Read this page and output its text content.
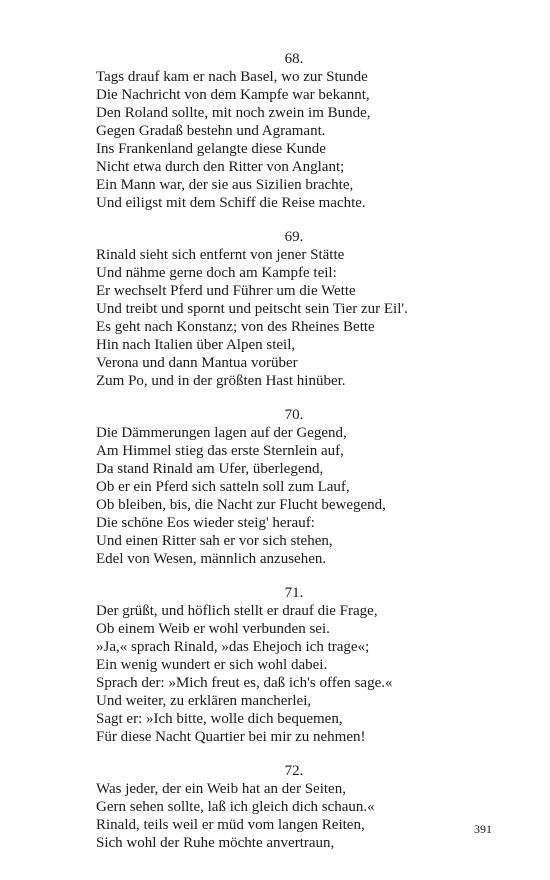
68.
Tags drauf kam er nach Basel, wo zur Stunde
Die Nachricht von dem Kampfe war bekannt,
Den Roland sollte, mit noch zwein im Bunde,
Gegen Gradaß bestehn und Agramant.
Ins Frankenland gelangte diese Kunde
Nicht etwa durch den Ritter von Anglant;
Ein Mann war, der sie aus Sizilien brachte,
Und eiligst mit dem Schiff die Reise machte.
69.
Rinald sieht sich entfernt von jener Stätte
Und nähme gerne doch am Kampfe teil:
Er wechselt Pferd und Führer um die Wette
Und treibt und spornt und peitscht sein Tier zur Eil'.
Es geht nach Konstanz; von des Rheines Bette
Hin nach Italien über Alpen steil,
Verona und dann Mantua vorüber
Zum Po, und in der größten Hast hinüber.
70.
Die Dämmerungen lagen auf der Gegend,
Am Himmel stieg das erste Sternlein auf,
Da stand Rinald am Ufer, überlegend,
Ob er ein Pferd sich satteln soll zum Lauf,
Ob bleiben, bis, die Nacht zur Flucht bewegend,
Die schöne Eos wieder steig' herauf:
Und einen Ritter sah er vor sich stehen,
Edel von Wesen, männlich anzusehen.
71.
Der grüßt, und höflich stellt er drauf die Frage,
Ob einem Weib er wohl verbunden sei.
»Ja,« sprach Rinald, »das Ehejoch ich trage«;
Ein wenig wundert er sich wohl dabei.
Sprach der: »Mich freut es, daß ich's offen sage.«
Und weiter, zu erklären mancherlei,
Sagt er: »Ich bitte, wolle dich bequemen,
Für diese Nacht Quartier bei mir zu nehmen!
72.
Was jeder, der ein Weib hat an der Seiten,
Gern sehen sollte, laß ich gleich dich schaun.«
Rinald, teils weil er müd vom langen Reiten,
Sich wohl der Ruhe möchte anvertraun,
391
